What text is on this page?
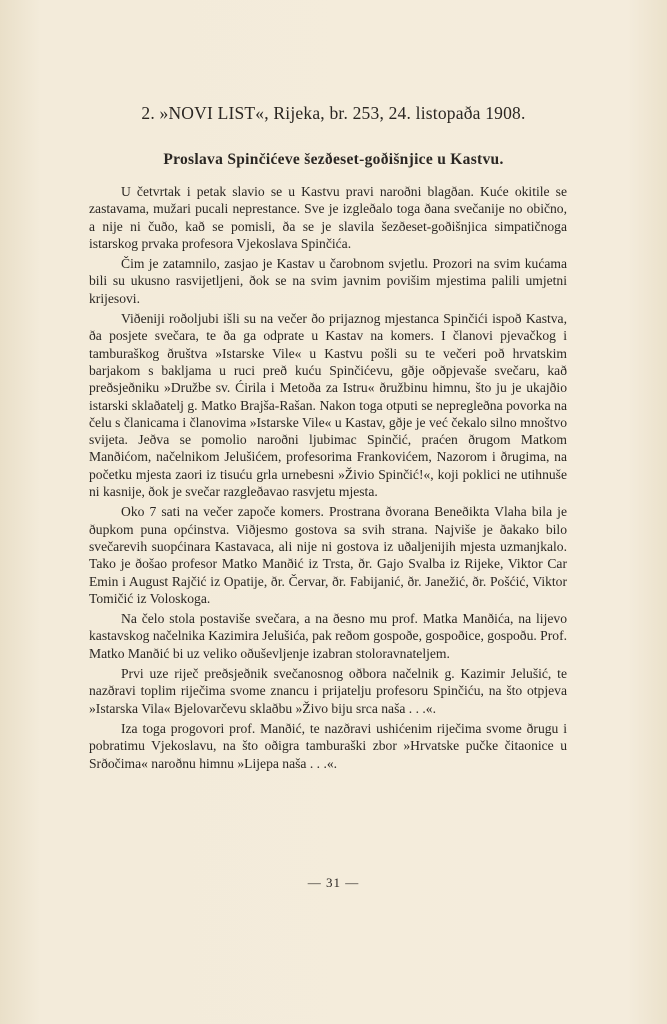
2. »NOVI LIST«, Rijeka, br. 253, 24. listopaða 1908.
Proslava Spinčićeve šezðeset-goðišnjice u Kastvu.

U četvrtak i petak slavio se u Kastvu pravi naroðni blagðan. Kuće okitile se zastavama, mužari pucali neprestance. Sve je izgleðalo toga ðana svečanije no obično, a nije ni čuðo, kað se pomisli, ða se je slavila šezðeset-goðišnjica simpatičnoga istarskog prvaka profesora Vjekoslava Spinčića.

Čim je zatamnilo, zasjao je Kastav u čarobnom svjetlu. Prozori na svim kućama bili su ukusno rasvijetljeni, ðok se na svim javnim povišim mjestima palili umjetni krijesovi.

Viðeniji roðoljubi išli su na večer ðo prijaznog mjestanca Spinčići ispoð Kastva, ða posjete svečara, te ða ga odprate u Kastav na komers. I članovi pjevačkog i tamburaškog ðruštva »Istarske Vile« u Kastvu pošli su te večeri poð hrvatskim barjakom s bakljama u ruci preð kuću Spinčićevu, gðje oðpjevaše svečaru, kað preðsjeðniku »Družbe sv. Ćirila i Metoða za Istru« ðružbinu himnu, što ju je ukajðio istarski sklaðatelj g. Matko Brajša-Rašan. Nakon toga otputi se nepregleðna povorka na čelu s članicama i članovima »Istarske Vile« u Kastav, gðje je već čekalo silno mnoštvo svijeta. Jeðva se pomolio naroðni ljubimac Spinčić, praćen ðrugom Matkom Manðićom, načelnikom Jelušićem, profesorima Frankovićem, Nazorom i ðrugima, na početku mjesta zaori iz tisuću grla urnebesni »Živio Spinčić!«, koji poklici ne utihnuše ni kasnije, ðok je svečar razgleðavao rasvjetu mjesta.

Oko 7 sati na večer započe komers. Prostrana ðvorana Beneðikta Vlaha bila je ðupkom puna općinstva. Viðjesmo gostova sa svih strana. Najviše je ðakako bilo svečarevih suopćinara Kastavaca, ali nije ni gostova iz uðaljenijih mjesta uzmanjkalo. Tako je ðošao profesor Matko Manðić iz Trsta, ðr. Gajo Svalba iz Rijeke, Viktor Car Emin i August Rajčić iz Opatije, ðr. Červar, ðr. Fabijanić, ðr. Janežić, ðr. Pošćić, Viktor Tomičić iz Voloskoga.

Na čelo stola postaviše svečara, a na ðesno mu prof. Matka Manðića, na lijevo kastavskog načelnika Kazimira Jelušića, pak reðom gospoðe, gospoðice, gospoðu. Prof. Matko Manðić bi uz veliko oðuševljenje izabran stoloravnateljem.

Prvi uze riječ preðsjeðnik svečanosnog oðbora načelnik g. Kazimir Jelušić, te nazðravi toplim riječima svome znancu i prijatelju profesoru Spinčiću, na što otpjeva »Istarska Vila« Bjelovarčevu sklaðbu »Živo biju srca naša . . .«.

Iza toga progovori prof. Manðić, te nazðravi ushićenim riječima svome ðrugu i pobratimu Vjekoslavu, na što oðigra tamburaški zbor »Hrvatske pučke čitaonice u Srðočima« naroðnu himnu »Lijepa naša . . .«.

— 31 —
